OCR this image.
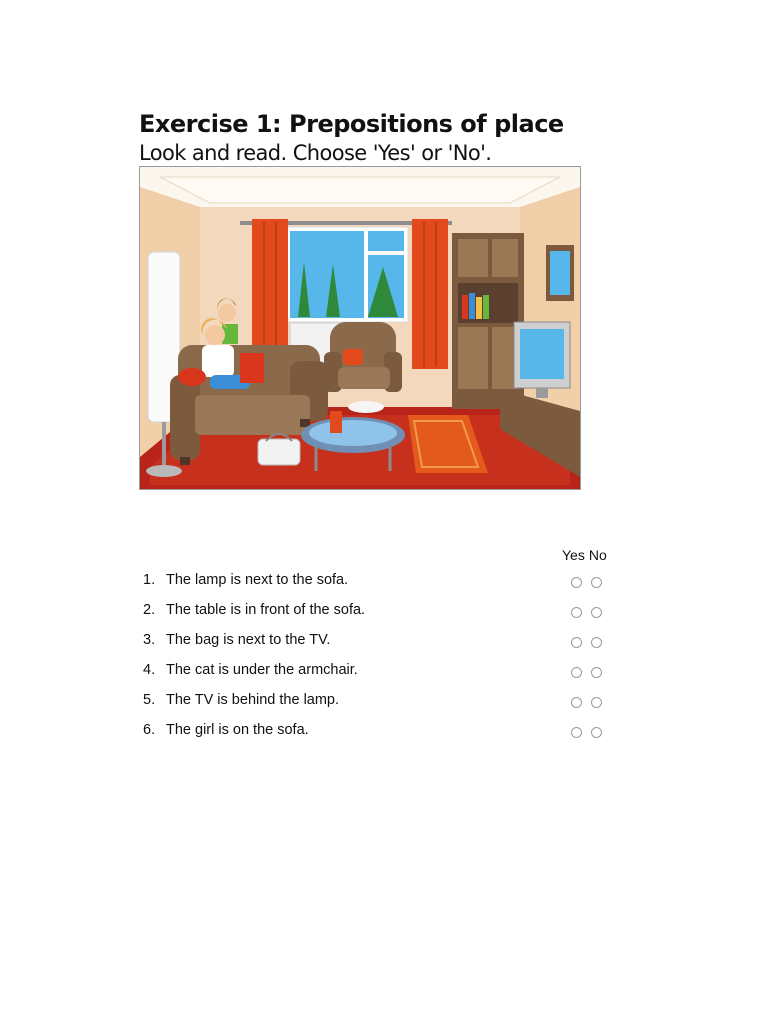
Exercise 1: Prepositions of place
Look and read. Choose 'Yes' or 'No'.
Yes No
1. The lamp is next to the sofa.
2. The table is in front of the sofa.
3. The bag is next to the TV.
4. The cat is under the armchair.
5. The TV is behind the lamp.
6. The girl is on the sofa.
